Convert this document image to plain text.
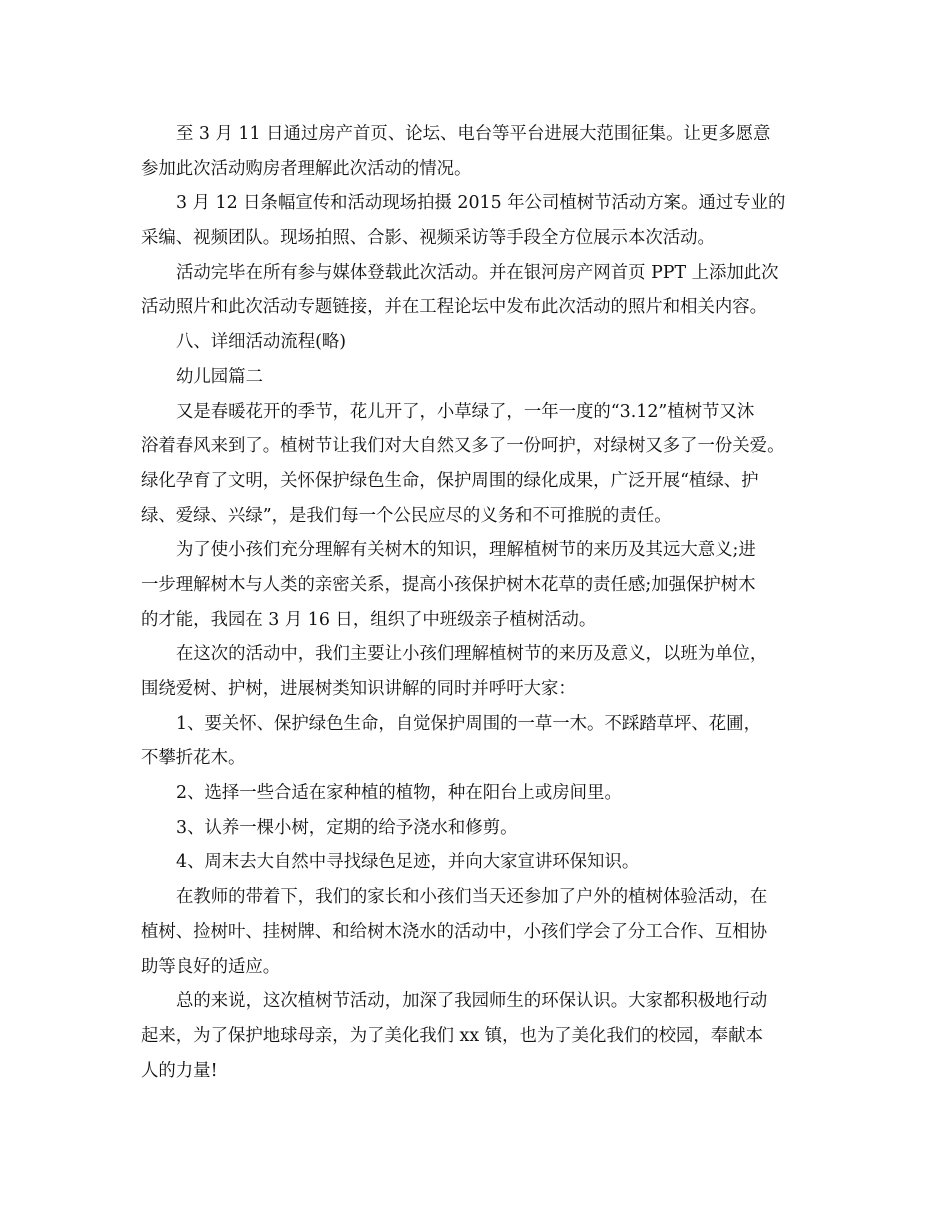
至 3 月 11 日通过房产首页、论坛、电台等平台进展大范围征集。让更多愿意
参加此次活动购房者理解此次活动的情况。
3 月 12 日条幅宣传和活动现场拍摄 2015 年公司植树节活动方案。通过专业的
采编、视频团队。现场拍照、合影、视频采访等手段全方位展示本次活动。
活动完毕在所有参与媒体登载此次活动。并在银河房产网首页 PPT 上添加此次
活动照片和此次活动专题链接，并在工程论坛中发布此次活动的照片和相关内容。
八、详细活动流程(略)
幼儿园篇二
又是春暖花开的季节，花儿开了，小草绿了，一年一度的“3.12”植树节又沐
浴着春风来到了。植树节让我们对大自然又多了一份呵护，对绿树又多了一份关爱。
绿化孕育了文明，关怀保护绿色生命，保护周围的绿化成果，广泛开展“植绿、护
绿、爱绿、兴绿”，是我们每一个公民应尽的义务和不可推脱的责任。
为了使小孩们充分理解有关树木的知识，理解植树节的来历及其远大意义;进
一步理解树木与人类的亲密关系，提高小孩保护树木花草的责任感;加强保护树木
的才能，我园在 3 月 16 日，组织了中班级亲子植树活动。
在这次的活动中，我们主要让小孩们理解植树节的来历及意义，以班为单位，
围绕爱树、护树，进展树类知识讲解的同时并呼吁大家：
1、要关怀、保护绿色生命，自觉保护周围的一草一木。不踩踏草坪、花圃，
不攀折花木。
2、选择一些合适在家种植的植物，种在阳台上或房间里。
3、认养一棵小树，定期的给予浇水和修剪。
4、周末去大自然中寻找绿色足迹，并向大家宣讲环保知识。
在教师的带着下，我们的家长和小孩们当天还参加了户外的植树体验活动，在
植树、捡树叶、挂树牌、和给树木浇水的活动中，小孩们学会了分工合作、互相协
助等良好的适应。
总的来说，这次植树节活动，加深了我园师生的环保认识。大家都积极地行动
起来，为了保护地球母亲，为了美化我们 xx 镇，也为了美化我们的校园，奉献本
人的力量!
